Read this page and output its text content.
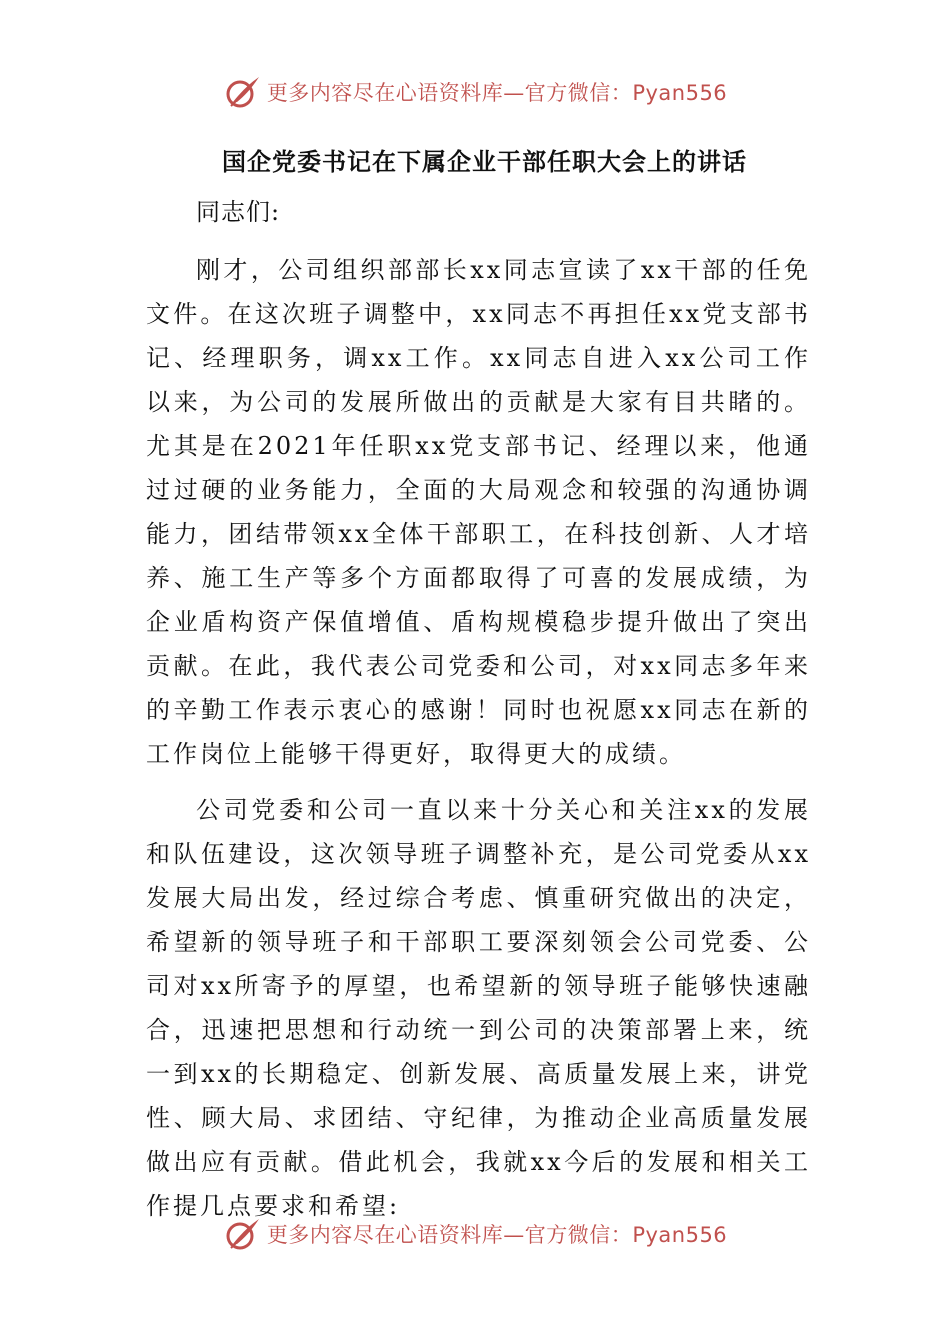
更多内容尽在心语资料库—官方微信：Pyan556
国企党委书记在下属企业干部任职大会上的讲话

同志们:

刚才，公司组织部部长xx同志宣读了xx干部的任免文件。在这次班子调整中，xx同志不再担任xx党支部书记、经理职务，调xx工作。xx同志自进入xx公司工作以来，为公司的发展所做出的贡献是大家有目共睹的。尤其是在2021年任职xx党支部书记、经理以来，他通过过硬的业务能力，全面的大局观念和较强的沟通协调能力，团结带领xx全体干部职工，在科技创新、人才培养、施工生产等多个方面都取得了可喜的发展成绩，为企业盾构资产保值增值、盾构规模稳步提升做出了突出贡献。在此，我代表公司党委和公司，对xx同志多年来的辛勤工作表示衷心的感谢！同时也祝愿xx同志在新的工作岗位上能够干得更好，取得更大的成绩。

公司党委和公司一直以来十分关心和关注xx的发展和队伍建设，这次领导班子调整补充，是公司党委从xx发展大局出发，经过综合考虑、慎重研究做出的决定，希望新的领导班子和干部职工要深刻领会公司党委、公司对xx所寄予的厚望，也希望新的领导班子能够快速融合，迅速把思想和行动统一到公司的决策部署上来，统一到xx的长期稳定、创新发展、高质量发展上来，讲党性、顾大局、求团结、守纪律，为推动企业高质量发展做出应有贡献。借此机会，我就xx今后的发展和相关工作提几点要求和希望:

更多内容尽在心语资料库—官方微信：Pyan556
